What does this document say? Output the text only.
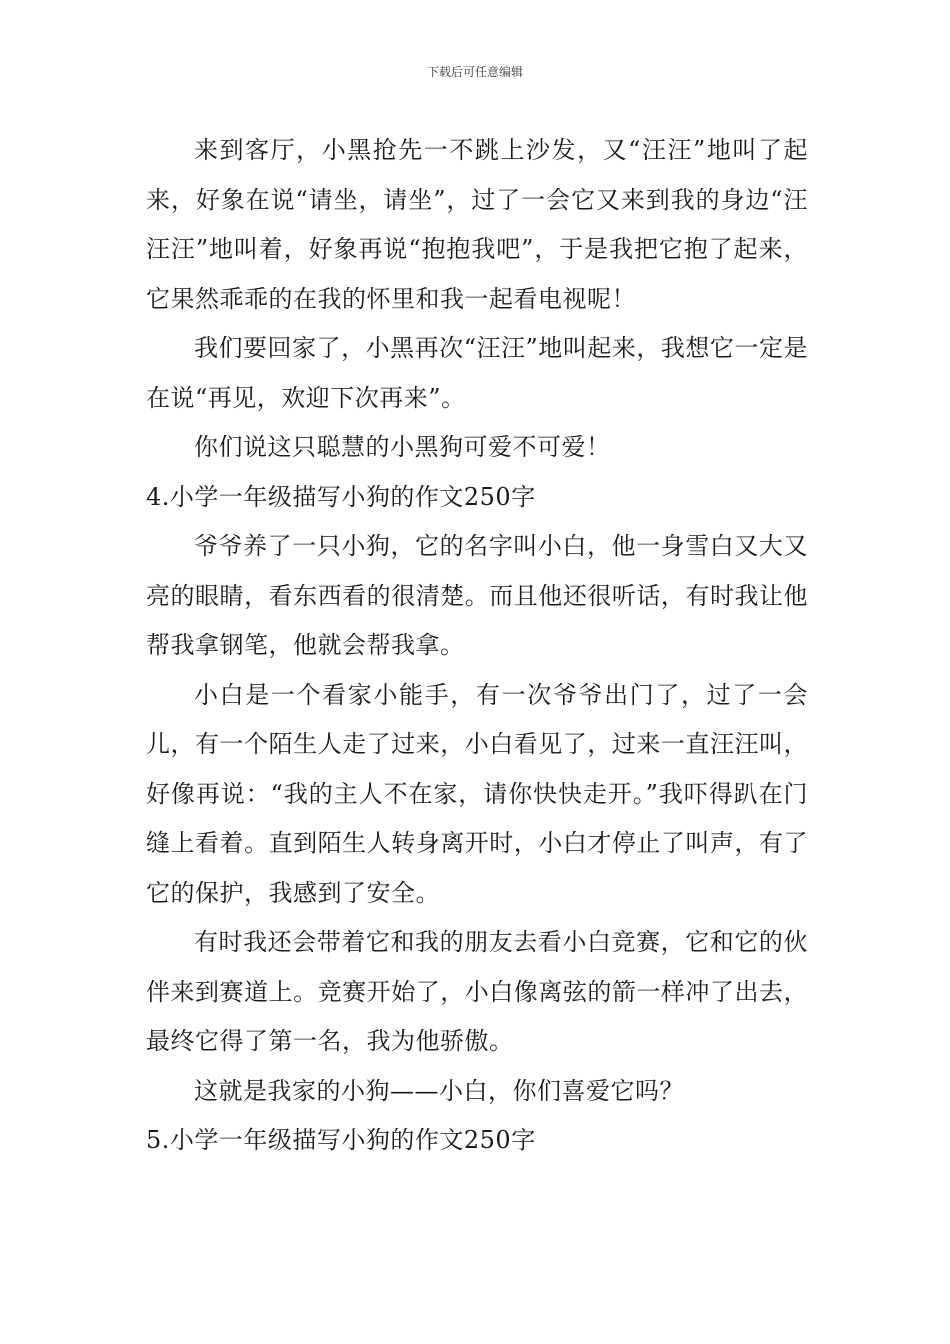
下载后可任意编辑

来到客厅，小黑抢先一不跳上沙发，又“汪汪”地叫了起来，好象在说“请坐，请坐”，过了一会它又来到我的身边“汪汪汪”地叫着，好象再说“抱抱我吧”，于是我把它抱了起来，它果然乖乖的在我的怀里和我一起看电视呢！

我们要回家了，小黑再次“汪汪”地叫起来，我想它一定是在说“再见，欢迎下次再来”。

你们说这只聪慧的小黑狗可爱不可爱！

4.小学一年级描写小狗的作文250字

爷爷养了一只小狗，它的名字叫小白，他一身雪白又大又亮的眼睛，看东西看的很清楚。而且他还很听话，有时我让他帮我拿钢笔，他就会帮我拿。

小白是一个看家小能手，有一次爷爷出门了，过了一会儿，有一个陌生人走了过来，小白看见了，过来一直汪汪叫，好像再说：“我的主人不在家，请你快快走开。”我吓得趴在门缝上看着。直到陌生人转身离开时，小白才停止了叫声，有了它的保护，我感到了安全。

有时我还会带着它和我的朋友去看小白竞赛，它和它的伙伴来到赛道上。竞赛开始了，小白像离弦的箭一样冲了出去，最终它得了第一名，我为他骄傲。

这就是我家的小狗——小白，你们喜爱它吗？

5.小学一年级描写小狗的作文250字
